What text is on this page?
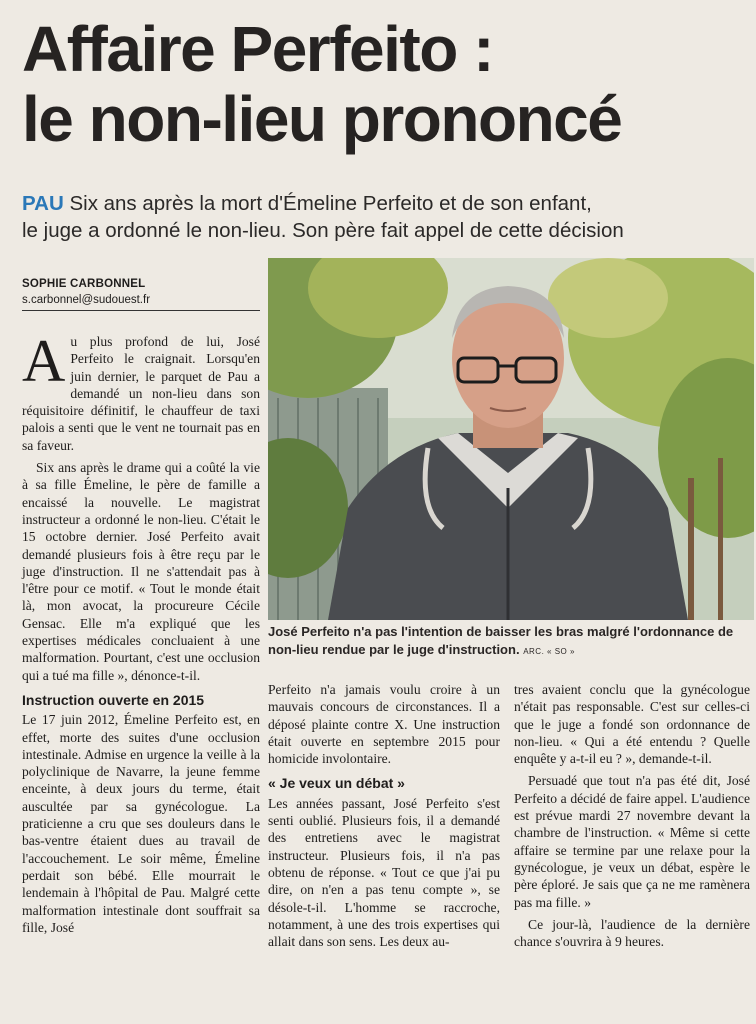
Affaire Perfeito :
le non-lieu prononcé
PAU Six ans après la mort d'Émeline Perfeito et de son enfant,
le juge a ordonné le non-lieu. Son père fait appel de cette décision
SOPHIE CARBONNEL
s.carbonnel@sudouest.fr

Au plus profond de lui, José Perfeito le craignait. Lorsqu'en juin dernier, le parquet de Pau a demandé un non-lieu dans son réquisitoire définitif, le chauffeur de taxi palois a senti que le vent ne tournait pas en sa faveur.

Six ans après le drame qui a coûté la vie à sa fille Émeline, le père de famille a encaissé la nouvelle. Le magistrat instructeur a ordonné le non-lieu. C'était le 15 octobre dernier. José Perfeito avait demandé plusieurs fois à être reçu par le juge d'instruction. Il ne s'attendait pas à l'être pour ce motif. « Tout le monde était là, mon avocat, la procureure Cécile Gensac. Elle m'a expliqué que les expertises médicales concluaient à une malformation. Pourtant, c'est une occlusion qui a tué ma fille », dénonce-t-il.

Instruction ouverte en 2015

Le 17 juin 2012, Émeline Perfeito est, en effet, morte des suites d'une occlusion intestinale. Admise en urgence la veille à la polyclinique de Navarre, la jeune femme enceinte, à deux jours du terme, était auscultée par sa gynécologue. La praticienne a cru que ses douleurs dans le bas-ventre étaient dues au travail de l'accouchement. Le soir même, Émeline perdait son bébé. Elle mourrait le lendemain à l'hôpital de Pau. Malgré cette malformation intestinale dont souffrait sa fille, José

José Perfeito n'a pas l'intention de baisser les bras malgré l'ordonnance de non-lieu rendue par le juge d'instruction. ARC. « SO »

Perfeito n'a jamais voulu croire à un mauvais concours de circonstances. Il a déposé plainte contre X. Une instruction était ouverte en septembre 2015 pour homicide involontaire.

« Je veux un débat »

Les années passant, José Perfeito s'est senti oublié. Plusieurs fois, il a demandé des entretiens avec le magistrat instructeur. Plusieurs fois, il n'a pas obtenu de réponse. « Tout ce que j'ai pu dire, on n'en a pas tenu compte », se désole-t-il. L'homme se raccroche, notamment, à une des trois expertises qui allait dans son sens. Les deux au-

tres avaient conclu que la gynécologue n'était pas responsable. C'est sur celles-ci que le juge a fondé son ordonnance de non-lieu. « Qui a été entendu ? Quelle enquête y a-t-il eu ? », demande-t-il.

Persuadé que tout n'a pas été dit, José Perfeito a décidé de faire appel. L'audience est prévue mardi 27 novembre devant la chambre de l'instruction. « Même si cette affaire se termine par une relaxe pour la gynécologue, je veux un débat, espère le père éploré. Je sais que ça ne me ramènera pas ma fille. »

Ce jour-là, l'audience de la dernière chance s'ouvrira à 9 heures.
